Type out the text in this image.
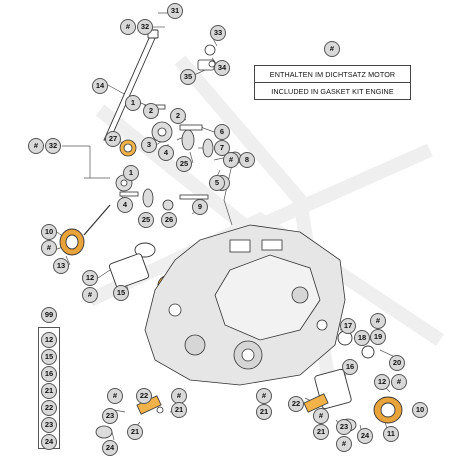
#
ENTHALTEN IM DICHTSATZ MOTOR
INCLUDED IN GASKET KIT ENGINE
31
#	32
33
34
35
14
1
2
2
27
3
4
25
6
7
#	8
#	32
1
4
25	26
9
5
10
#
13
12
#	15
99
12
15
16
21
22
23
24
17
18
#
19
20
16
12	#
10
11
#	22	#
21
23
21
24
#
21
22
#
21
23
24
#
